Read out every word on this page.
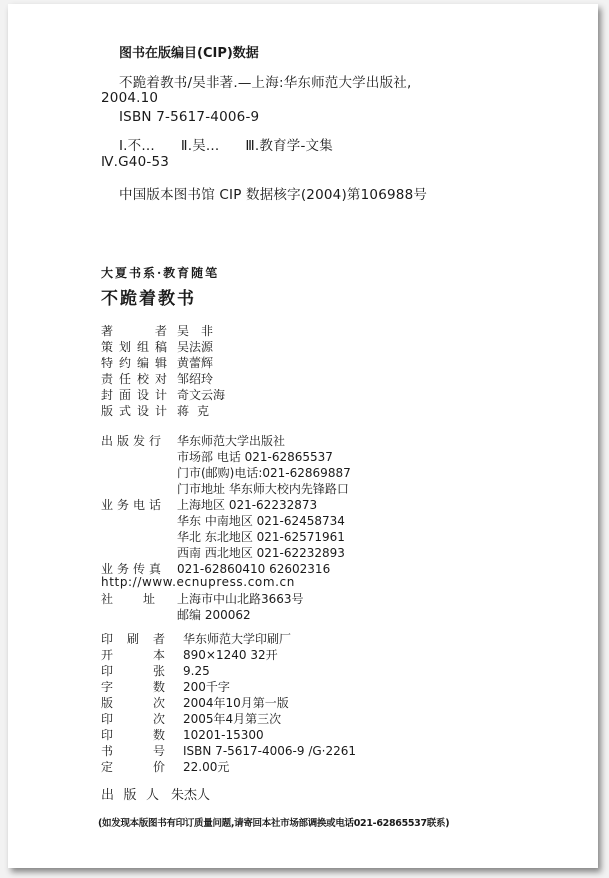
图书在版编目(CIP)数据
不跪着教书/吴非著.—上海:华东师范大学出版社,
2004.10
ISBN 7-5617-4006-9
Ⅰ.不... Ⅱ.吴... Ⅲ.教育学-文集
Ⅳ.G40-53
中国版本图书馆 CIP 数据核字(2004)第106988号
大夏书系·教育随笔
不跪着教书
著者 吴非
策划组稿 吴法源
特约编辑 黄蕾辉
责任校对 邹绍玲
封面设计 奇文云海
版式设计 蒋克
出版发行 华东师范大学出版社
市场部 电话 021-62865537
门市(邮购)电话:021-62869887
门市地址 华东师大校内先锋路口
业务电话 上海地区 021-62232873
华东 中南地区 021-62458734
华北 东北地区 021-62571961
西南 西北地区 021-62232893
业务传真 021-62860410 62602316
http://www.ecnupress.com.cn
社址 上海市中山北路3663号
邮编 200062
印刷者 华东师范大学印刷厂
开本 890×1240 32开
印张 9.25
字数 200千字
版次 2004年10月第一版
印次 2005年4月第三次
印数 10201-15300
书号 ISBN 7-5617-4006-9 /G·2261
定价 22.00元
出版人 朱杰人
(如发现本版图书有印订质量问题,请寄回本社市场部调换或电话021-62865537联系)
